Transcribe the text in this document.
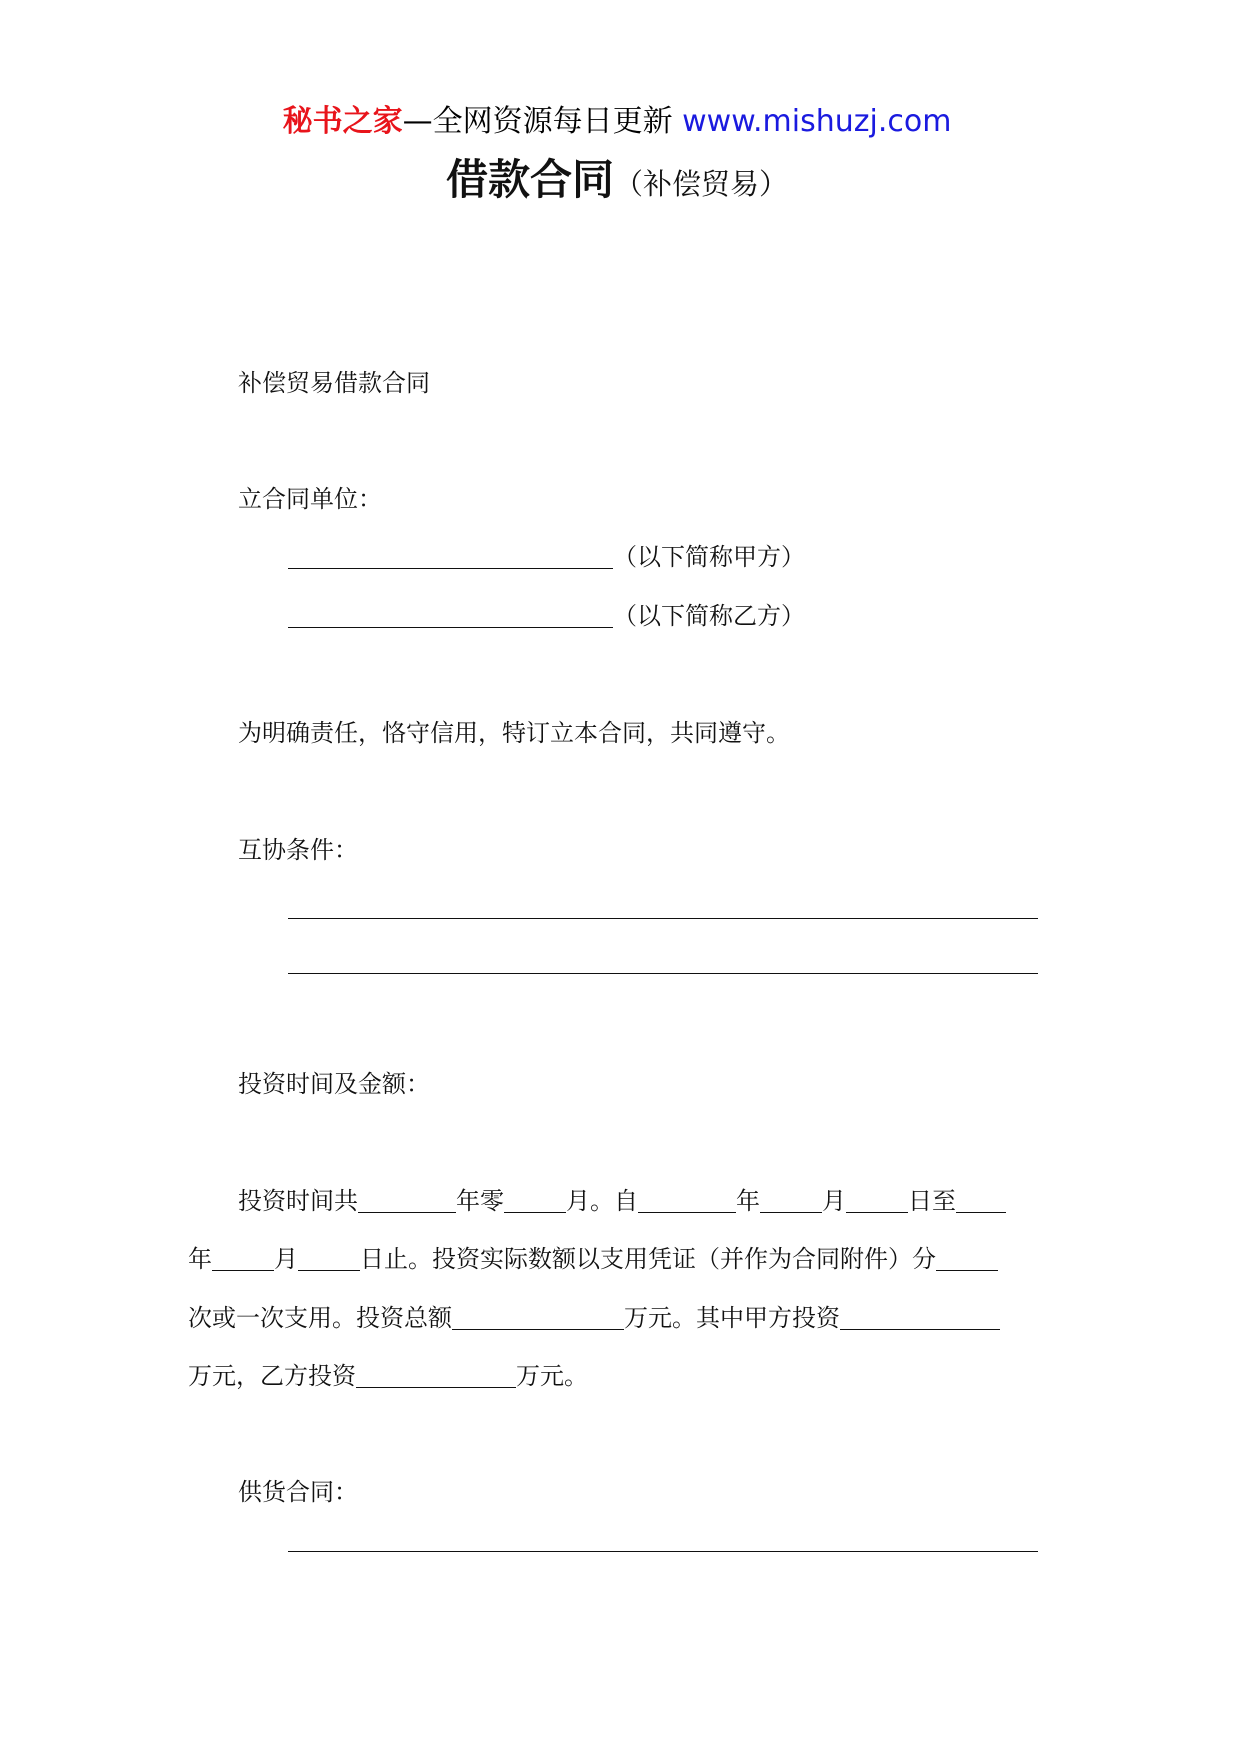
秘书之家—全网资源每日更新 www.mishuzj.com
借款合同（补偿贸易）
补偿贸易借款合同
立合同单位：
（以下简称甲方）
（以下简称乙方）
为明确责任，恪守信用，特订立本合同，共同遵守。
互协条件：
投资时间及金额：
投资时间共	年零	月。自	年	月	日至
年	月	日止。投资实际数额以支用凭证（并作为合同附件）分
次或一次支用。投资总额	万元。其中甲方投资
万元，乙方投资	万元。
供货合同：
